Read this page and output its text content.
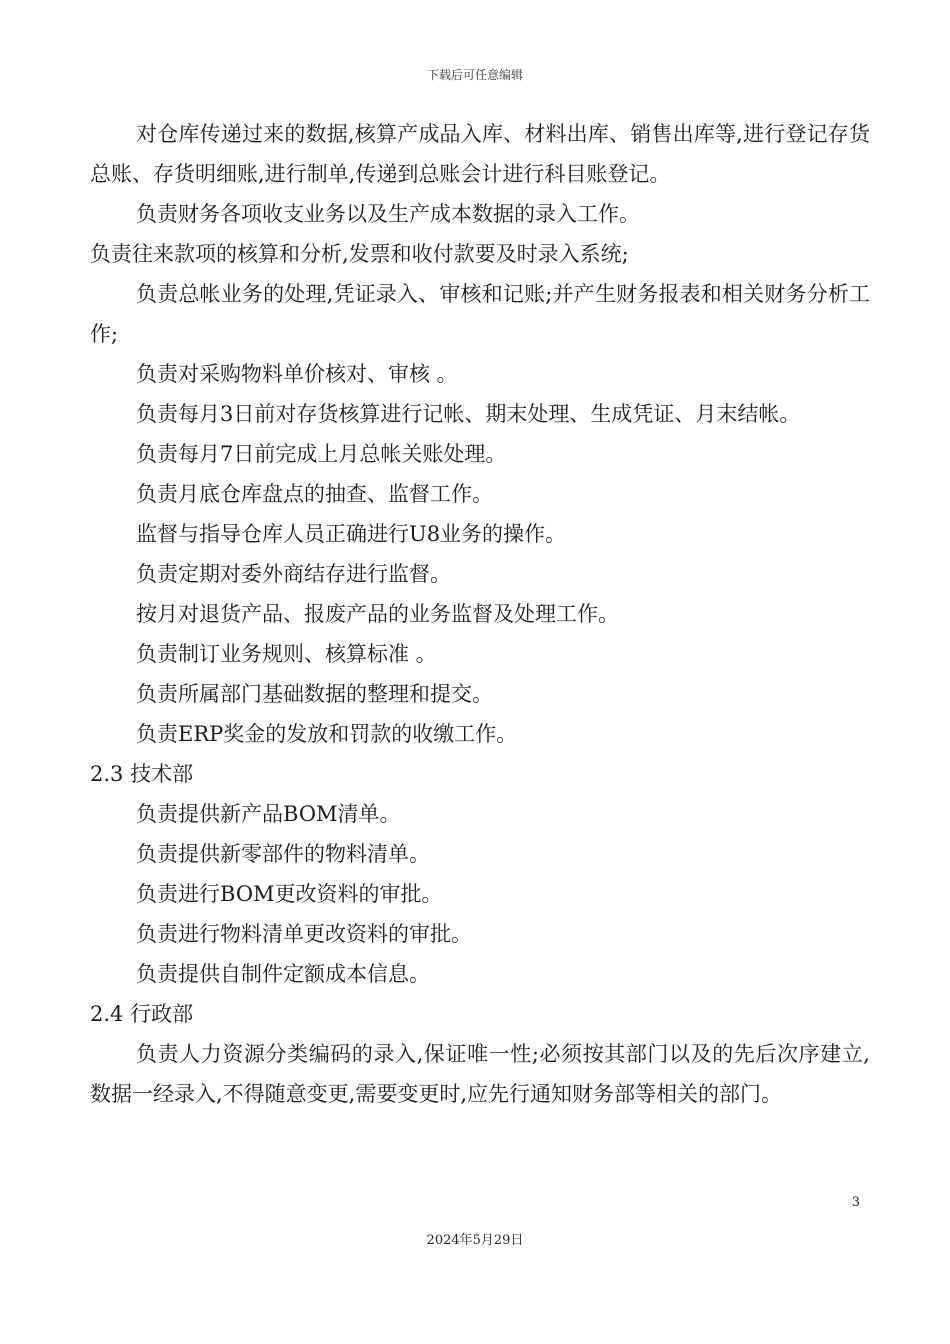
下载后可任意编辑

对仓库传递过来的数据,核算产成品入库、材料出库、销售出库等,进行登记存货总账、存货明细账,进行制单,传递到总账会计进行科目账登记。

负责财务各项收支业务以及生产成本数据的录入工作。

负责往来款项的核算和分析,发票和收付款要及时录入系统;

负责总帐业务的处理,凭证录入、审核和记账;并产生财务报表和相关财务分析工作;

负责对采购物料单价核对、审核 。

负责每月3日前对存货核算进行记帐、期末处理、生成凭证、月末结帐。

负责每月7日前完成上月总帐关账处理。

负责月底仓库盘点的抽查、监督工作。

监督与指导仓库人员正确进行U8业务的操作。

负责定期对委外商结存进行监督。

按月对退货产品、报废产品的业务监督及处理工作。

负责制订业务规则、核算标准 。

负责所属部门基础数据的整理和提交。

负责ERP奖金的发放和罚款的收缴工作。

2.3 技术部

负责提供新产品BOM清单。

负责提供新零部件的物料清单。

负责进行BOM更改资料的审批。

负责进行物料清单更改资料的审批。

负责提供自制件定额成本信息。

2.4 行政部

负责人力资源分类编码的录入,保证唯一性;必须按其部门以及的先后次序建立,数据一经录入,不得随意变更,需要变更时,应先行通知财务部等相关的部门。

3
2024年5月29日
